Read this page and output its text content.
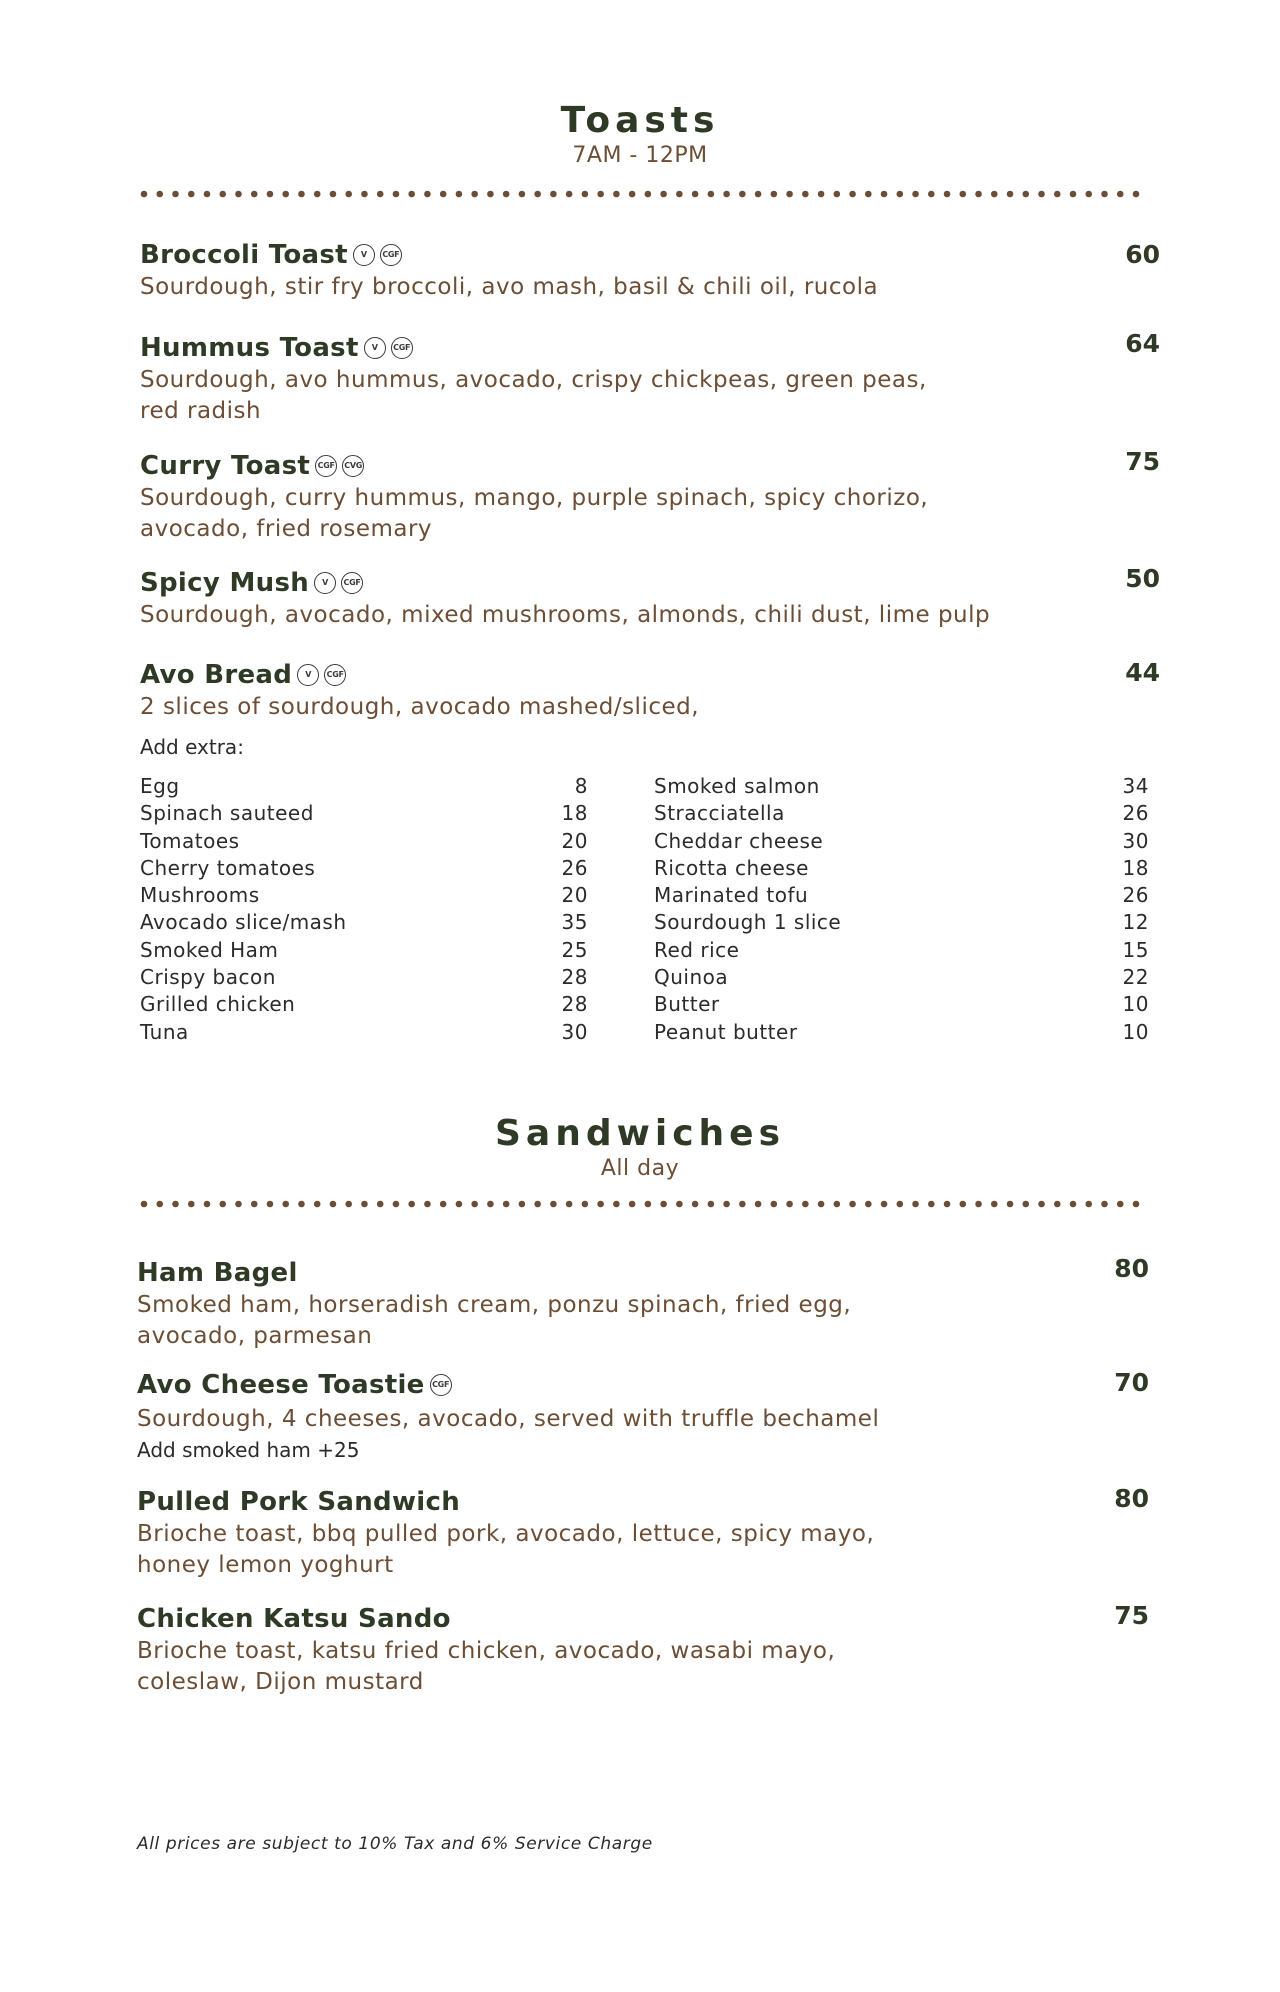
Toasts
7AM - 12PM
Broccoli Toast	V	CGF
Sourdough, stir fry broccoli, avo mash, basil & chili oil, rucola
60
Hummus Toast	V	CGF
Sourdough, avo hummus, avocado, crispy chickpeas, green peas,
red radish
64
Curry Toast CGF	CVG
Sourdough, curry hummus, mango, purple spinach, spicy chorizo,
avocado, fried rosemary
75
Spicy Mush	V	CGF
Sourdough, avocado, mixed mushrooms, almonds, chili dust, lime pulp
50
Avo Bread	V	CGF
2 slices of sourdough, avocado mashed/sliced,
44
Add extra:
Egg	8
Spinach sauteed	18
Tomatoes	20
Cherry tomatoes	26
Mushrooms	20
Avocado slice/mash	35
Smoked Ham	25
Crispy bacon	28
Grilled chicken	28
Tuna	30
Smoked salmon	34
Stracciatella	26
Cheddar cheese	30
Ricotta cheese	18
Marinated tofu	26
Sourdough 1 slice	12
Red rice	15
Quinoa	22
Butter	10
Peanut butter	10
Sandwiches
All day
Ham Bagel
Smoked ham, horseradish cream, ponzu spinach, fried egg,
avocado, parmesan
80
Avo Cheese Toastie CGF
Sourdough, 4 cheeses, avocado, served with truffle bechamel
Add smoked ham +25
70
Pulled Pork Sandwich
Brioche toast, bbq pulled pork, avocado, lettuce, spicy mayo,
honey lemon yoghurt
80
Chicken Katsu Sando
Brioche toast, katsu fried chicken, avocado, wasabi mayo,
coleslaw, Dijon mustard
75
All prices are subject to 10% Tax and 6% Service Charge
